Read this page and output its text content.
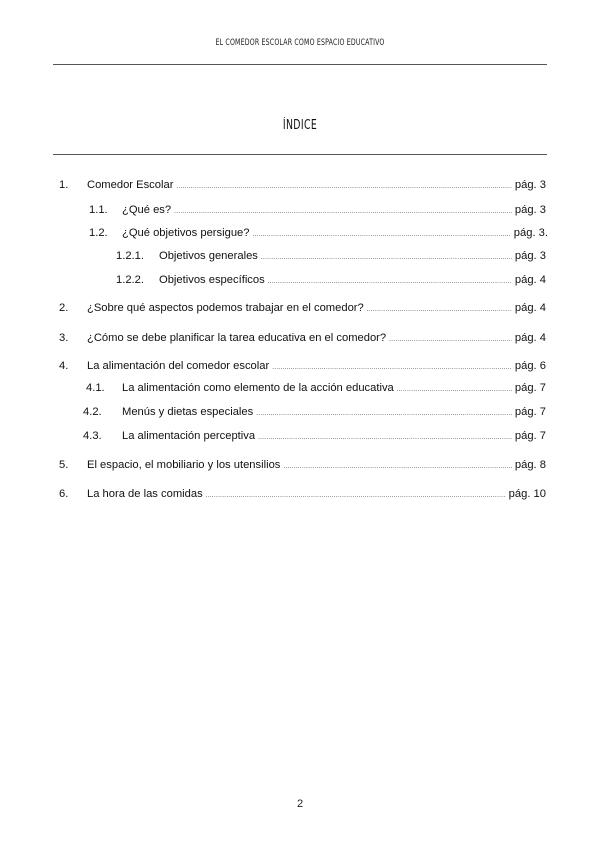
EL COMEDOR ESCOLAR COMO ESPACIO EDUCATIVO
ÍNDICE
1. Comedor Escolar .....	pág. 3
1.1. ¿Qué es? .....	pág. 3
1.2. ¿Qué objetivos persigue? .....	pág. 3.
1.2.1. Objetivos generales .....	pág. 3
1.2.2. Objetivos específicos .....	pág. 4
2. ¿Sobre qué aspectos podemos trabajar en el comedor? .....	pág. 4
3. ¿Cómo se debe planificar la tarea educativa en el comedor? .....	pág. 4
4. La alimentación del comedor escolar .....	pág. 6
4.1. La alimentación como elemento de la acción educativa .....	pág. 7
4.2. Menús y dietas especiales .....	pág. 7
4.3. La alimentación perceptiva .....	pág. 7
5. El espacio, el mobiliario y los utensilios .....	pág. 8
6. La hora de las comidas .....	pág. 10
2
